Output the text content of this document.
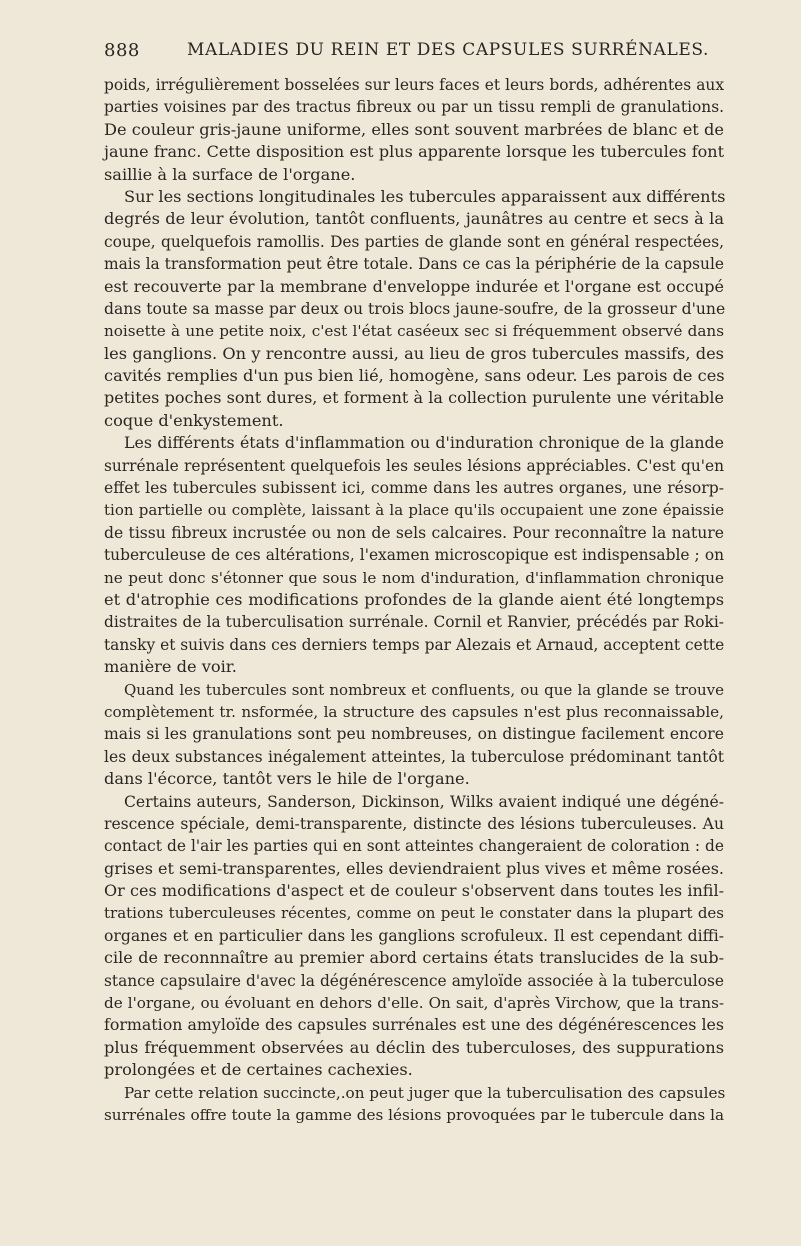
888	MALADIES DU REIN ET DES CAPSULES SURRÉNALES.
poids, irrégulièrement bosselées sur leurs faces et leurs bords, adhérentes aux
parties voisines par des tractus fibreux ou par un tissu rempli de granulations.
De couleur gris-jaune uniforme, elles sont souvent marbrées de blanc et de
jaune franc. Cette disposition est plus apparente lorsque les tubercules font
saillie à la surface de l'organe.
Sur les sections longitudinales les tubercules apparaissent aux différents
degrés de leur évolution, tantôt confluents, jaunâtres au centre et secs à la
coupe, quelquefois ramollis. Des parties de glande sont en général respectées,
mais la transformation peut être totale. Dans ce cas la périphérie de la capsule
est recouverte par la membrane d'enveloppe indurée et l'organe est occupé
dans toute sa masse par deux ou trois blocs jaune-soufre, de la grosseur d'une
noisette à une petite noix, c'est l'état caséeux sec si fréquemment observé dans
les ganglions. On y rencontre aussi, au lieu de gros tubercules massifs, des
cavités remplies d'un pus bien lié, homogène, sans odeur. Les parois de ces
petites poches sont dures, et forment à la collection purulente une véritable
coque d'enkystement.
Les différents états d'inflammation ou d'induration chronique de la glande
surrénale représentent quelquefois les seules lésions appréciables. C'est qu'en
effet les tubercules subissent ici, comme dans les autres organes, une résorp-
tion partielle ou complète, laissant à la place qu'ils occupaient une zone épaissie
de tissu fibreux incrustée ou non de sels calcaires. Pour reconnaître la nature
tuberculeuse de ces altérations, l'examen microscopique est indispensable ; on
ne peut donc s'étonner que sous le nom d'induration, d'inflammation chronique
et d'atrophie ces modifications profondes de la glande aient été longtemps
distraites de la tuberculisation surrénale. Cornil et Ranvier, précédés par Roki-
tansky et suivis dans ces derniers temps par Alezais et Arnaud, acceptent cette
manière de voir.
Quand les tubercules sont nombreux et confluents, ou que la glande se trouve
complètement tr. nsformée, la structure des capsules n'est plus reconnaissable,
mais si les granulations sont peu nombreuses, on distingue facilement encore
les deux substances inégalement atteintes, la tuberculose prédominant tantôt
dans l'écorce, tantôt vers le hile de l'organe.
Certains auteurs, Sanderson, Dickinson, Wilks avaient indiqué une dégéné-
rescence spéciale, demi-transparente, distincte des lésions tuberculeuses. Au
contact de l'air les parties qui en sont atteintes changeraient de coloration : de
grises et semi-transparentes, elles deviendraient plus vives et même rosées.
Or ces modifications d'aspect et de couleur s'observent dans toutes les infil-
trations tuberculeuses récentes, comme on peut le constater dans la plupart des
organes et en particulier dans les ganglions scrofuleux. Il est cependant diffi-
cile de reconnnaître au premier abord certains états translucides de la sub-
stance capsulaire d'avec la dégénérescence amyloïde associée à la tuberculose
de l'organe, ou évoluant en dehors d'elle. On sait, d'après Virchow, que la trans-
formation amyloïde des capsules surrénales est une des dégénérescences les
plus fréquemment observées au déclin des tuberculoses, des suppurations
prolongées et de certaines cachexies.
Par cette relation succincte,.on peut juger que la tuberculisation des capsules
surrénales offre toute la gamme des lésions provoquées par le tubercule dans la
